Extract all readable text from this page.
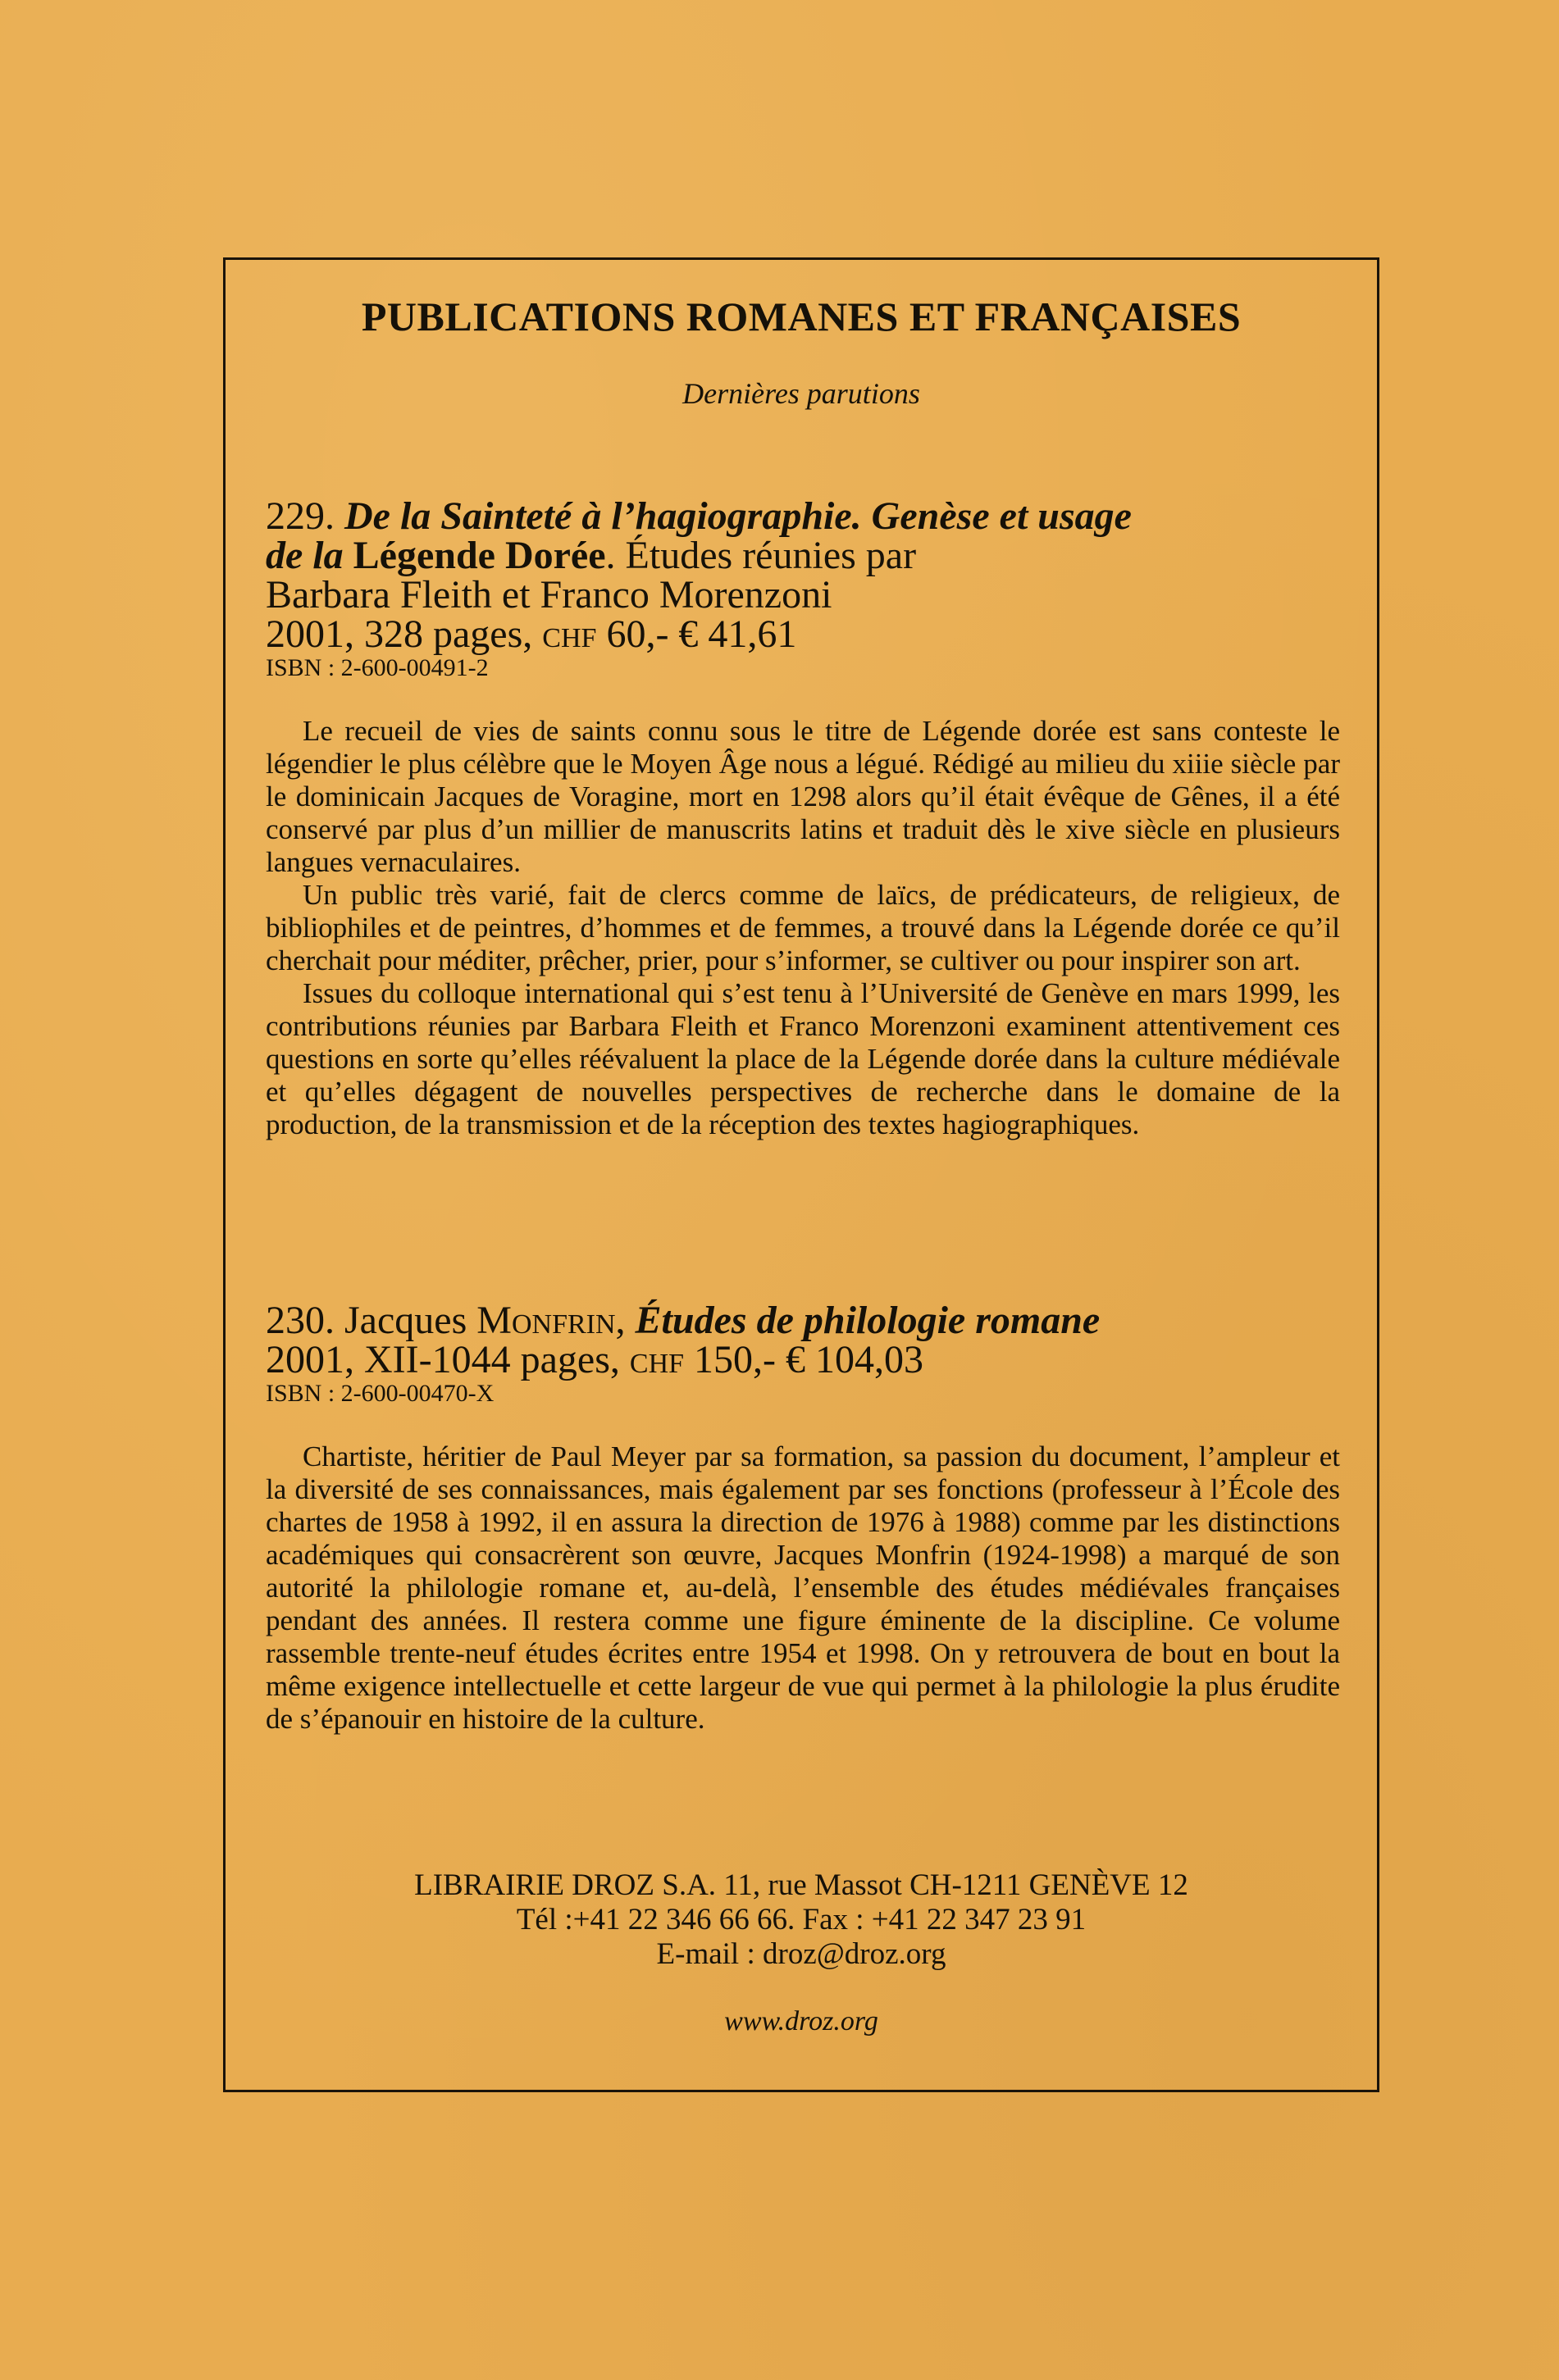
PUBLICATIONS ROMANES ET FRANÇAISES
Dernières parutions
229. De la Sainteté à l’hagiographie. Genèse et usage
de la Légende Dorée. Études réunies par
Barbara Fleith et Franco Morenzoni
2001, 328 pages, chf 60,- € 41,61
ISBN : 2-600-00491-2

Le recueil de vies de saints connu sous le titre de Légende dorée est sans conteste le légendier le plus célèbre que le Moyen Âge nous a légué. Rédigé au milieu du xiiie siècle par le dominicain Jacques de Voragine, mort en 1298 alors qu’il était évêque de Gênes, il a été conservé par plus d’un millier de manuscrits latins et traduit dès le xive siècle en plusieurs langues vernaculaires.

Un public très varié, fait de clercs comme de laïcs, de prédicateurs, de religieux, de bibliophiles et de peintres, d’hommes et de femmes, a trouvé dans la Légende dorée ce qu’il cherchait pour méditer, prêcher, prier, pour s’informer, se cultiver ou pour inspirer son art.

Issues du colloque international qui s’est tenu à l’Université de Genève en mars 1999, les contributions réunies par Barbara Fleith et Franco Morenzoni examinent attentivement ces questions en sorte qu’elles réévaluent la place de la Légende dorée dans la culture médiévale et qu’elles dégagent de nouvelles perspectives de recherche dans le domaine de la production, de la transmission et de la réception des textes hagiographiques.

230. Jacques Monfrin, Études de philologie romane
2001, XII-1044 pages, chf 150,- € 104,03
ISBN : 2-600-00470-X

Chartiste, héritier de Paul Meyer par sa formation, sa passion du document, l’ampleur et la diversité de ses connaissances, mais également par ses fonctions (professeur à l’École des chartes de 1958 à 1992, il en assura la direction de 1976 à 1988) comme par les distinctions académiques qui consacrèrent son œuvre, Jacques Monfrin (1924-1998) a marqué de son autorité la philologie romane et, au-delà, l’ensemble des études médiévales françaises pendant des années. Il restera comme une figure éminente de la discipline. Ce volume rassemble trente-neuf études écrites entre 1954 et 1998. On y retrouvera de bout en bout la même exigence intellectuelle et cette largeur de vue qui permet à la philologie la plus érudite de s’épanouir en histoire de la culture.

LIBRAIRIE DROZ S.A. 11, rue Massot CH-1211 GENÈVE 12
Tél :+41 22 346 66 66. Fax : +41 22 347 23 91
E-mail : droz@droz.org
www.droz.org
